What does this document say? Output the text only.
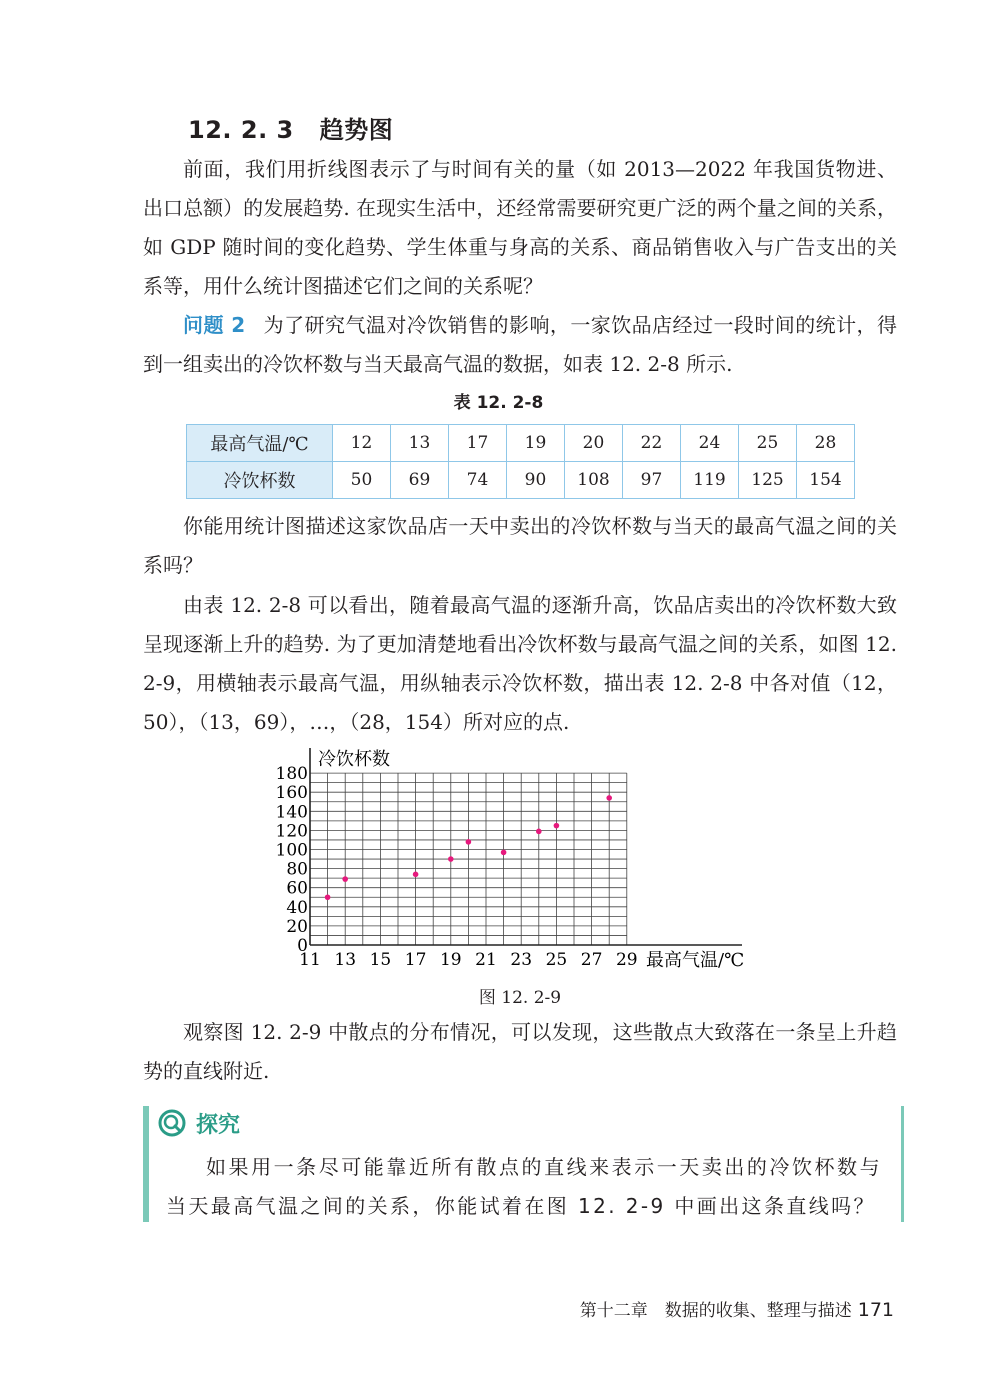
12. 2. 3 趋势图
前面，我们用折线图表示了与时间有关的量（如 2013—2022 年我国货物进、出口总额）的发展趋势. 在现实生活中，还经常需要研究更广泛的两个量之间的关系，如 GDP 随时间的变化趋势、学生体重与身高的关系、商品销售收入与广告支出的关系等，用什么统计图描述它们之间的关系呢？
问题 2 为了研究气温对冷饮销售的影响，一家饮品店经过一段时间的统计，得到一组卖出的冷饮杯数与当天最高气温的数据，如表 12. 2-8 所示.
表 12. 2-8
最高气温/℃	12	13	17	19	20	22	24	25	28
冷饮杯数	50	69	74	90	108	97	119	125	154
你能用统计图描述这家饮品店一天中卖出的冷饮杯数与当天的最高气温之间的关系吗？
由表 12. 2-8 可以看出，随着最高气温的逐渐升高，饮品店卖出的冷饮杯数大致呈现逐渐上升的趋势. 为了更加清楚地看出冷饮杯数与最高气温之间的关系，如图 12. 2-9，用横轴表示最高气温，用纵轴表示冷饮杯数，描出表 12. 2-8 中各对值（12，50），（13，69），…，（28，154）所对应的点.
0
20
40
60
80
100
120
140
160
180
11 13 15 17 19 21 23 25 27 29
冷饮杯数
最高气温/℃
图 12. 2-9
观察图 12. 2-9 中散点的分布情况，可以发现，这些散点大致落在一条呈上升趋势的直线附近.
探究
如果用一条尽可能靠近所有散点的直线来表示一天卖出的冷饮杯数与当天最高气温之间的关系，你能试着在图 12. 2-9 中画出这条直线吗？
第十二章　数据的收集、整理与描述 171
